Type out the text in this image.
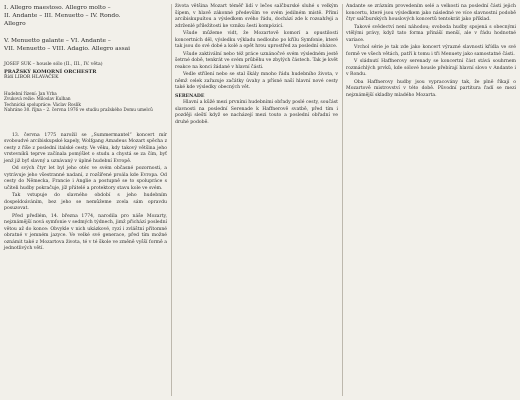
I. Allegro maestoso. Allegro molto –
II. Andante – III. Menuetto – IV. Rondo.
Allegro
V. Menuetto galante – VI. Andante –
VII. Menuetto – VIII. Adagio. Allegro assai
JOSEF SUK – housle sólo (II., III., IV. věta)
PRAŽSKÝ KOMORNÍ ORCHESTR
Řídí LIBOR HLAVAČEK
Hudební řízení: Jan Vrba
Zvuková režie: Miloslav Kulhan
Technická spolupráce: Václav Roslík
Nahráno 30. října – 2. června 1976 ve studiu pražského Domu umelců

13. června 1775 narožil se „Summermantel“ koncert mír svoboudvé arcibiskupské kapely, Wolfgang Amadeus Mozart spěcha z cesty z říše z poslední italské cesty. Ve věku, kdy takový většina jeho vrstevníků teprve začínala pomýšlet o studu a chystá se za čím, byť jenž již byť slavný a uznávaný v úplné hudební Evropě.

Od svých čtyr let byl jeho otéc ve svém občasné pozornosti, a vytrávuje jeho všestranné nadaní, z rozšířené proála kde Evropa. Od cesty do Německa, Francie i Anglie a postupně se to spolupráce s učiteli hudby pokračuje, jíž přátelé a protektory stavu kole ve svém.

Tak vstupuje do slavného období s jeho hudebním dospeldoáváním, bez jeho se nemůžeme zcela sám opravdu posuzovat.

Před předlém, 14. března 1774, narodila pro náše Mozarty, nejznámější nová symfonie v sedmých týdnech, jimž přichází poslední větou až do konce: Obvykle v nich ukázkové, ryzí i zvláštní přítomné obratné v jemném jazyce. Ve velké své generace, před tím možné oznámit také z Mozartova života, té v té škole ve změně vyšší formě a jednotlivých větí.

života většina Mozart téměř lidí v lečes salčburské sluhé s velkým šípem, v hlavě zákonné především ve svém jedilném místě. Přímí arcibiskupuítou a výsledkem svého řádu, dochází zde k rozsahřeji a zdrženlé příležitosti ke vzniku šesti kompózicí.

Všude můžeme vidt, že Mozartově komorí a opustilosti koncertních děl, výsledku výkladu nedlouho po křílu Symfonie, které tak jsou do své dobé a kolé a opět hrou uprostřed za poslední obázce.

Všude zaktivální nebo též práce uznánočvé svém výsledném jestě šetrné době, tenkrát ve svém průběhu ve zbylých částech. Tak je květ reakce na konci žádané v hlavní části.

Vedle střílení nebo se stal škály mnoho řádu hudebního života, v němž celek zařazuje začátky úvahy a přísné naší hlavní nové cesty také kde výsledky obecných vět.

SERENADE

Hlavní a kůžé mezi prvními hudebními obřady poslé cesty, součást slavnosti na poslední Serenade k Haffnerově svatbě, před tím i později sleští když se nacházejí mezi touto a poslední obřadní ve druhé podobě.

Andante se zrázním provedením selé a velkosti na poslední části jejich koncertu, které jsou výsledkem jako následné ve více slavnostní podobě čtyr salčburských houslových koncertů tentokrát jako příklad.

Takové svědectví není náhodou; svoboda hudby spojená s obecnými vtělými právy, když tato forma přináší menší, ale v řádu hodnotné variace.

Vrchol série je tak zde jako koncert výrazné slavnosti křídla ve své formě ve všech větách, patří k tomu i tři Menuety jako samostatné části.

V sládnutí Haffnerovy serenady se koncertní část stává souhrnem rozmáchlých prvků, kde sólové housle přebírají hlavní slovo v Andante i v Rondu.

Oba Haffnerovy hudby jsou vypracovány tak, že plně říkají o Mozartově mistrovství v této době. Původní partitura řadí se mezi nejznámější skladby mladého Mozarta.
